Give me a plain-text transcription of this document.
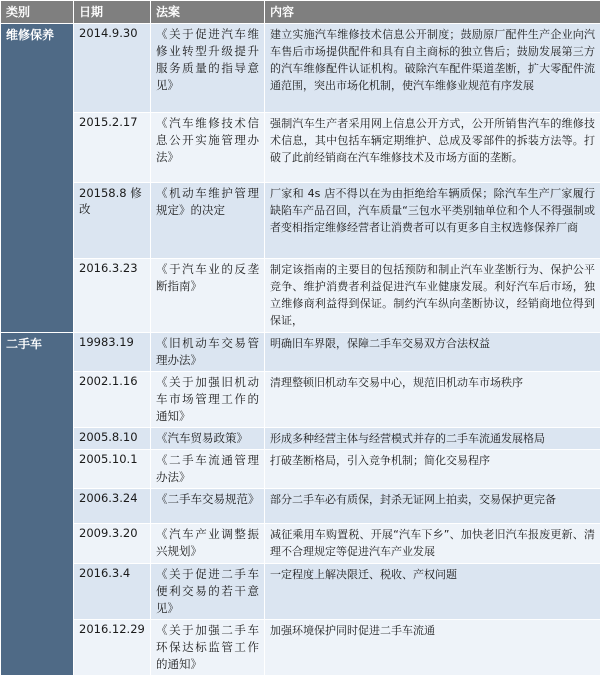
类别	日期	法案	内容
维修保养	2014.9.30	《关于促进汽车维修业转型升级提升服务质量的指导意见》	建立实施汽车维修技术信息公开制度；鼓励原厂配件生产企业向汽车售后市场提供配件和具有自主商标的独立售后；鼓励发展第三方的汽车维修配件认证机构。破除汽车配件渠道垄断，扩大零配件流通范围，突出市场化机制，使汽车维修业规范有序发展
	2015.2.17	《汽车维修技术信息公开实施管理办法》	强制汽车生产者采用网上信息公开方式，公开所销售汽车的维修技术信息，其中包括车辆定期维护、总成及零部件的拆装方法等。打破了此前经销商在汽车维修技术及市场方面的垄断。
	20158.8 修改	《机动车维护管理规定》的决定	厂家和 4s 店不得以在为由拒绝给车辆质保；除汽车生产厂家履行缺陷车产品召回，汽车质量“三包水平类别轴单位和个人不得强制或者变相指定维修经营者让消费者可以有更多自主权选修保养厂商
	2016.3.23	《于汽车业的反垄断指南》	制定该指南的主要目的包括预防和制止汽车业垄断行为、保护公平竞争、维护消费者利益促进汽车业健康发展。利好汽车后市场，独立维修商利益得到保证。制约汽车纵向垄断协议，经销商地位得到保证，
二手车	19983.19	《旧机动车交易管理办法》	明确旧车界限，保障二手车交易双方合法权益
	2002.1.16	《关于加强旧机动车市场管理工作的通知》	清理整顿旧机动车交易中心，规范旧机动车市场秩序
	2005.8.10	《汽车贸易政策》	形成多种经营主体与经营模式并存的二手车流通发展格局
	2005.10.1	《二手车流通管理办法》	打破垄断格局，引入竞争机制；简化交易程序
	2006.3.24	《二手车交易规范》	部分二手车必有质保，封杀无证网上拍卖，交易保护更完备
	2009.3.20	《汽车产业调整振兴规划》	减征乘用车购置税、开展“汽车下乡”、加快老旧汽车报废更新、清理不合理规定等促进汽车产业发展
	2016.3.4	《关于促进二手车便利交易的若干意见》	一定程度上解决限迁、税收、产权问题
	2016.12.29	《关于加强二手车环保达标监管工作的通知》	加强环境保护同时促进二手车流通
